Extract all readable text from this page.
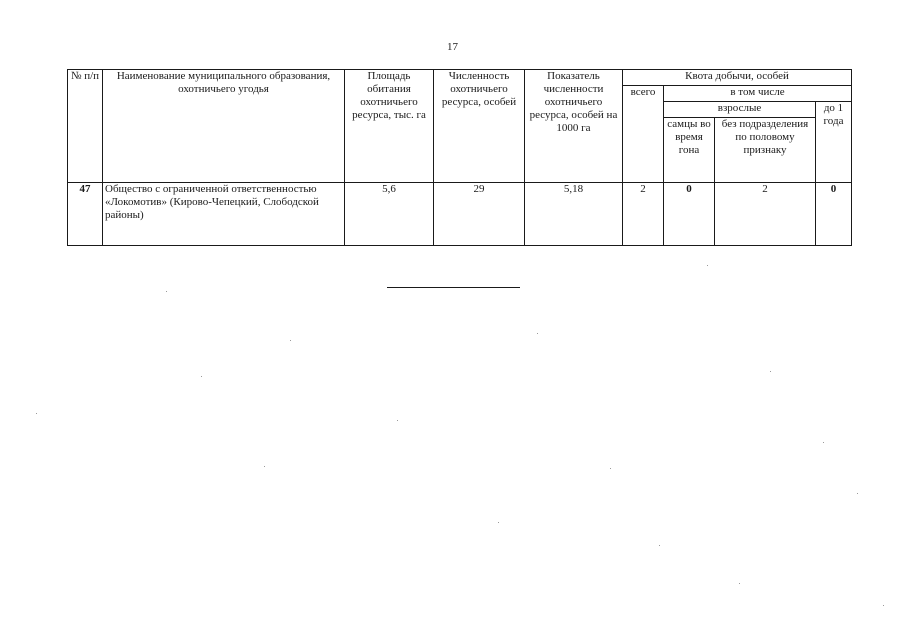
17
№ п/п	Наименование муниципального образования, охотничьего угодья	Площадь обитания охотничьего ресурса, тыс. га	Численность охотничьего ресурса, особей	Показатель численности охотничьего ресурса, особей на 1000 га	Квота добычи, особей			
					всего	в том числе		
						взрослые		до 1 года
						самцы во время гона	без подразделения по половому признаку	
47	Общество с ограниченной ответственностью «Локомотив» (Кирово-Чепецкий, Слободской районы)	5,6	29	5,18	2	0	2	0
